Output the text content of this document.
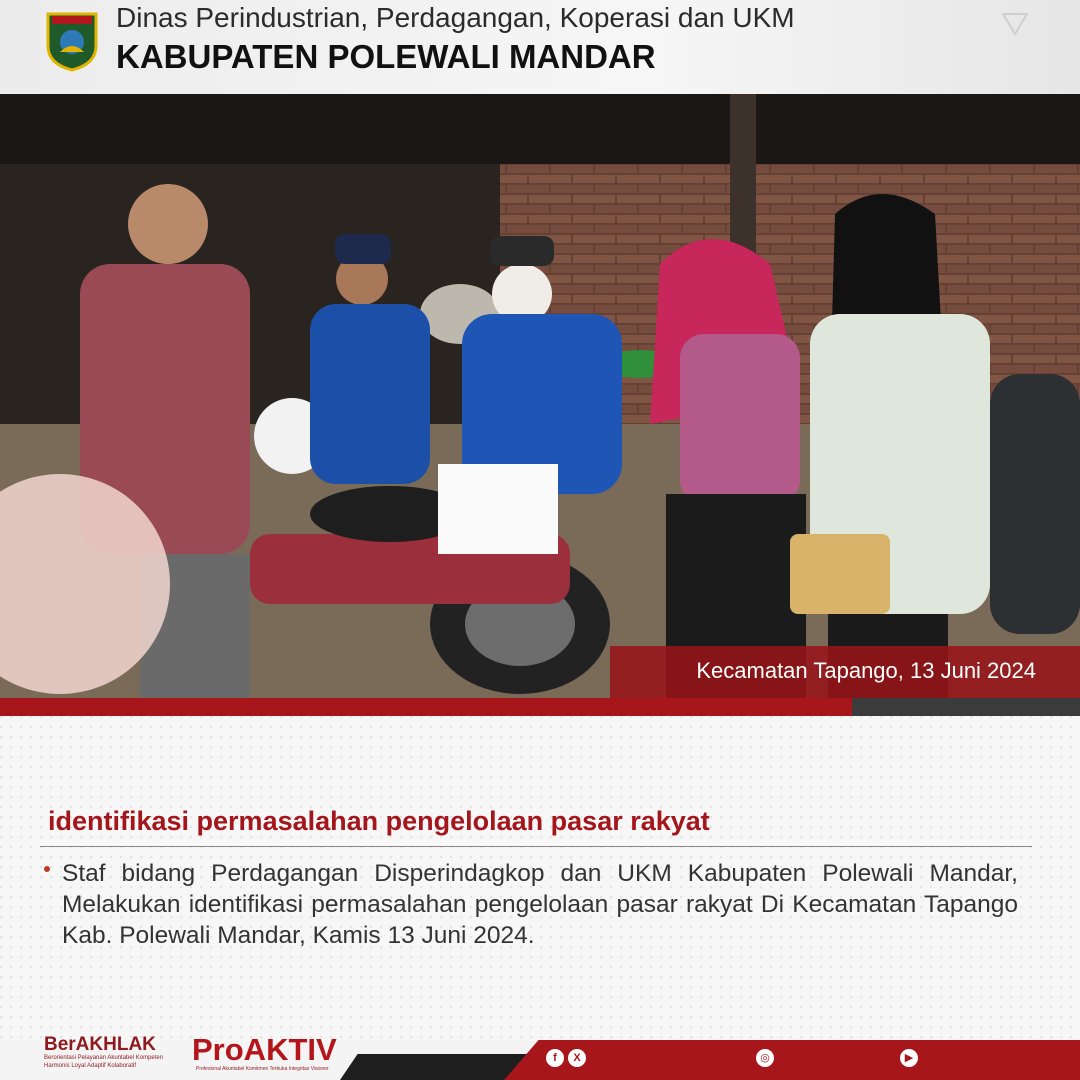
Dinas Perindustrian, Perdagangan, Koperasi dan UKM
KABUPATEN POLEWALI MANDAR
Kecamatan Tapango, 13 Juni 2024
identifikasi permasalahan pengelolaan pasar rakyat

Staf bidang Perdagangan Disperindagkop dan UKM Kabupaten Polewali Mandar, Melakukan identifikasi permasalahan pengelolaan pasar rakyat Di Kecamatan Tapango Kab. Polewali Mandar, Kamis 13 Juni 2024.

BerAKHLAK
Berorientasi Pelayanan Akuntabel Kompeten Harmonis Loyal Adaptif Kolaboratif	ProAKTIV
Profesional Akuntabel Komitmen Terbuka Integritas Visioner
f	X	◎	▶
